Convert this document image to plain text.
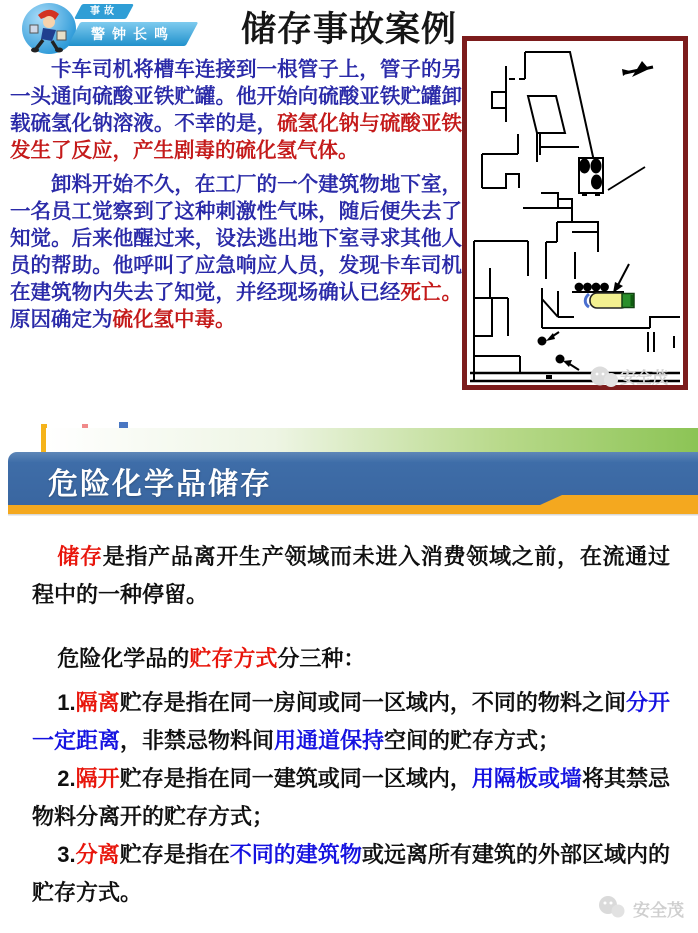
事故
警钟长鸣	储存事故案例

卡车司机将槽车连接到一根管子上，管子的另一头通向硫酸亚铁贮罐。他开始向硫酸亚铁贮罐卸载硫氢化钠溶液。不幸的是，硫氢化钠与硫酸亚铁发生了反应，产生剧毒的硫化氢气体。

卸料开始不久，在工厂的一个建筑物地下室，一名员工觉察到了这种刺激性气味，随后便失去了知觉。后来他醒过来，设法逃出地下室寻求其他人员的帮助。他呼叫了应急响应人员，发现卡车司机在建筑物内失去了知觉，并经现场确认已经死亡。原因确定为硫化氢中毒。

安全茂
危险化学品储存

储存是指产品离开生产领域而未进入消费领域之前，在流通过程中的一种停留。

危险化学品的贮存方式分三种：

1.隔离贮存是指在同一房间或同一区域内，不同的物料之间分开一定距离，非禁忌物料间用通道保持空间的贮存方式；

2.隔开贮存是指在同一建筑或同一区域内，用隔板或墙将其禁忌物料分离开的贮存方式；

3.分离贮存是指在不同的建筑物或远离所有建筑的外部区域内的贮存方式。

安全茂
